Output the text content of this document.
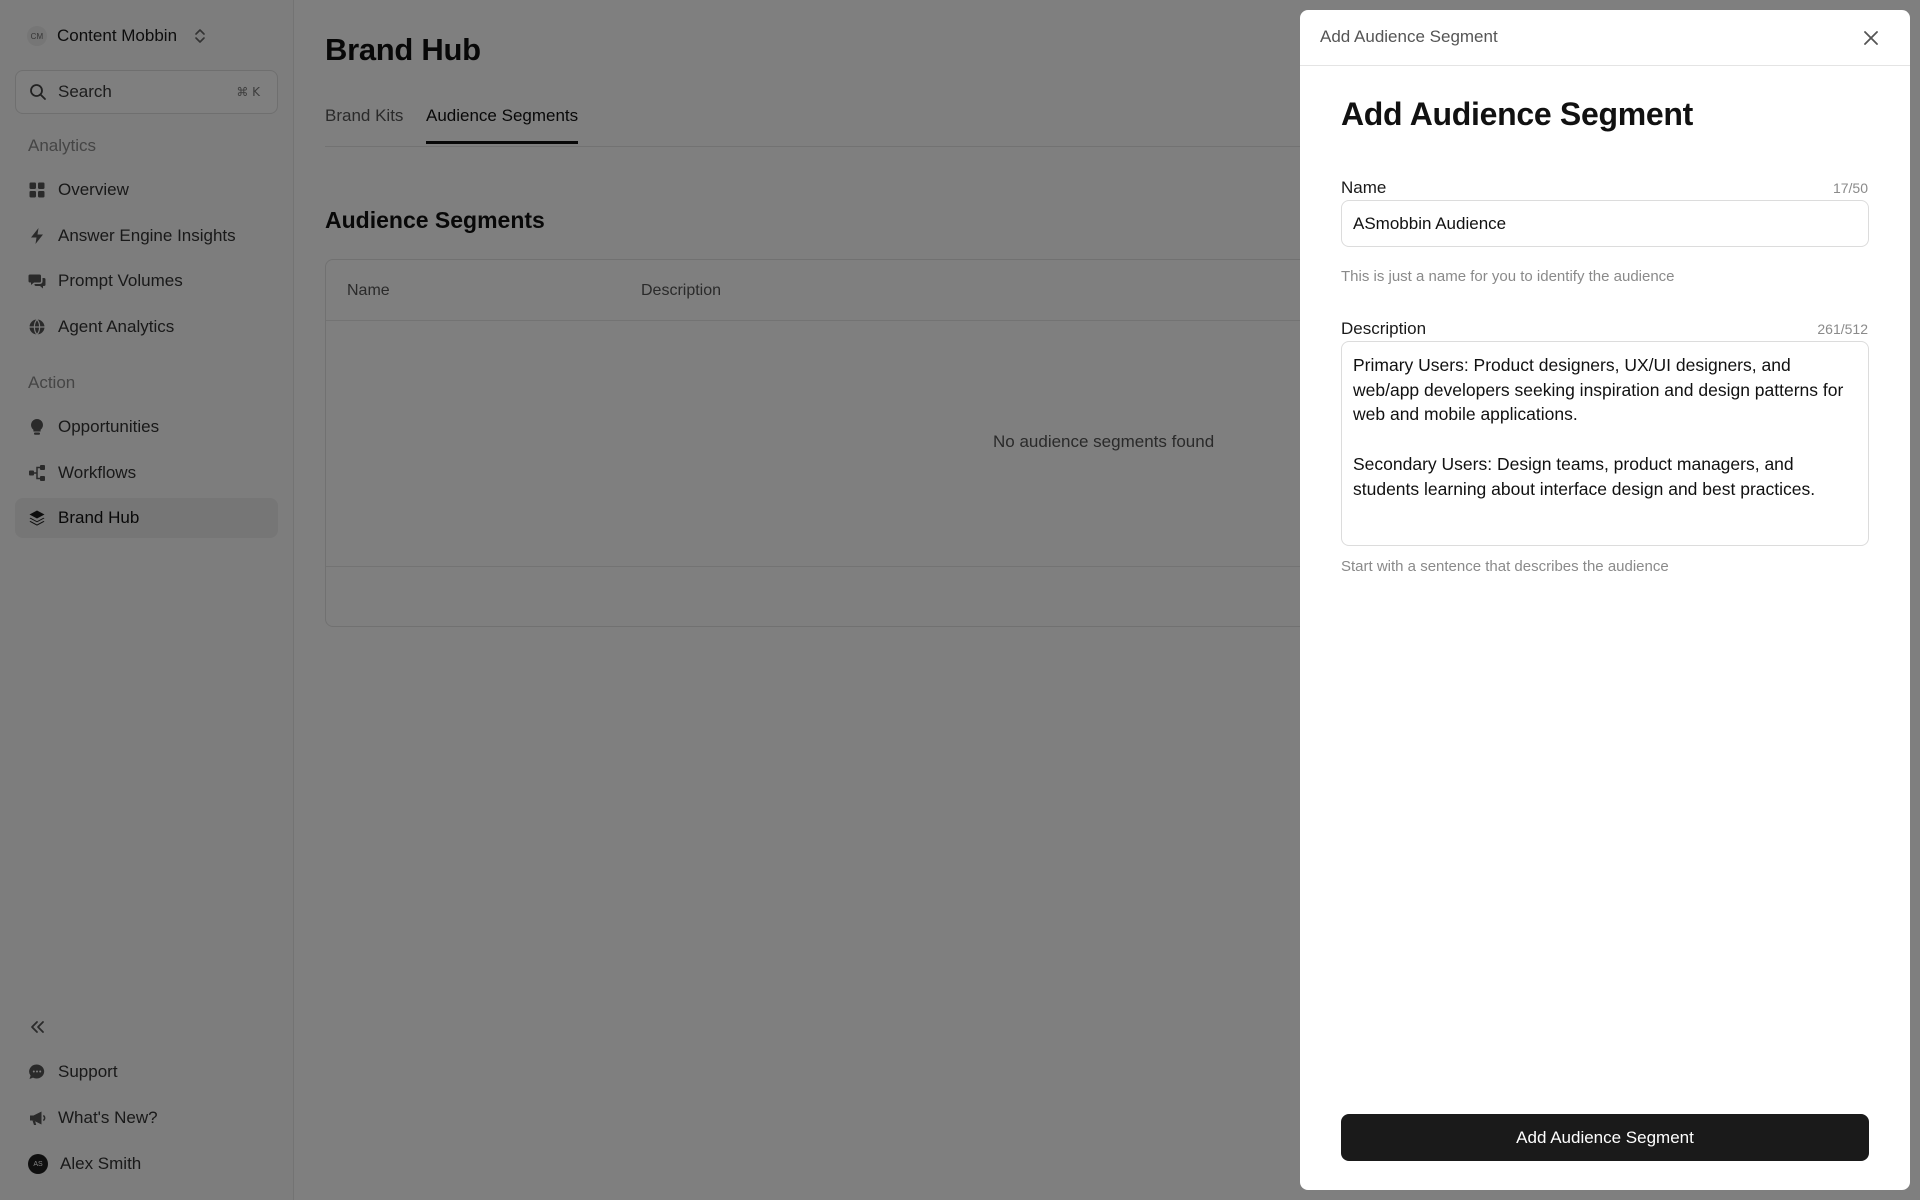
Add Audience Segment
Add Audience Segment
Name	17/50
ASmobbin Audience
This is just a name for you to identify the audience
Description	261/512
Primary Users: Product designers, UX/UI designers, and web/app developers seeking inspiration and design patterns for web and mobile applications. Secondary Users: Design teams, product managers, and students learning about interface design and best practices.
Start with a sentence that describes the audience
Add Audience Segment
